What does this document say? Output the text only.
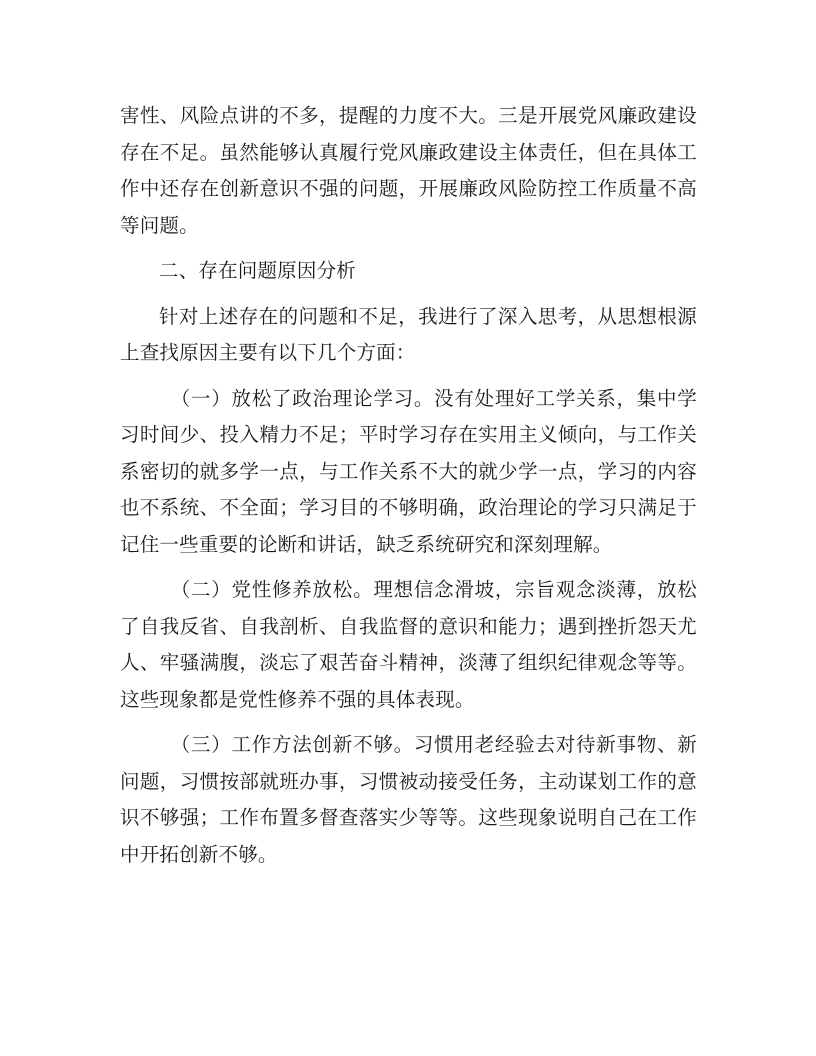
害性、风险点讲的不多，提醒的力度不大。三是开展党风廉政建设存在不足。虽然能够认真履行党风廉政建设主体责任，但在具体工作中还存在创新意识不强的问题，开展廉政风险防控工作质量不高等问题。

二、存在问题原因分析

针对上述存在的问题和不足，我进行了深入思考，从思想根源上查找原因主要有以下几个方面：

（一）放松了政治理论学习。没有处理好工学关系，集中学习时间少、投入精力不足；平时学习存在实用主义倾向，与工作关系密切的就多学一点，与工作关系不大的就少学一点，学习的内容也不系统、不全面；学习目的不够明确，政治理论的学习只满足于记住一些重要的论断和讲话，缺乏系统研究和深刻理解。

（二）党性修养放松。理想信念滑坡，宗旨观念淡薄，放松了自我反省、自我剖析、自我监督的意识和能力；遇到挫折怨天尤人、牢骚满腹，淡忘了艰苦奋斗精神，淡薄了组织纪律观念等等。这些现象都是党性修养不强的具体表现。

（三）工作方法创新不够。习惯用老经验去对待新事物、新问题，习惯按部就班办事，习惯被动接受任务，主动谋划工作的意识不够强；工作布置多督查落实少等等。这些现象说明自己在工作中开拓创新不够。
